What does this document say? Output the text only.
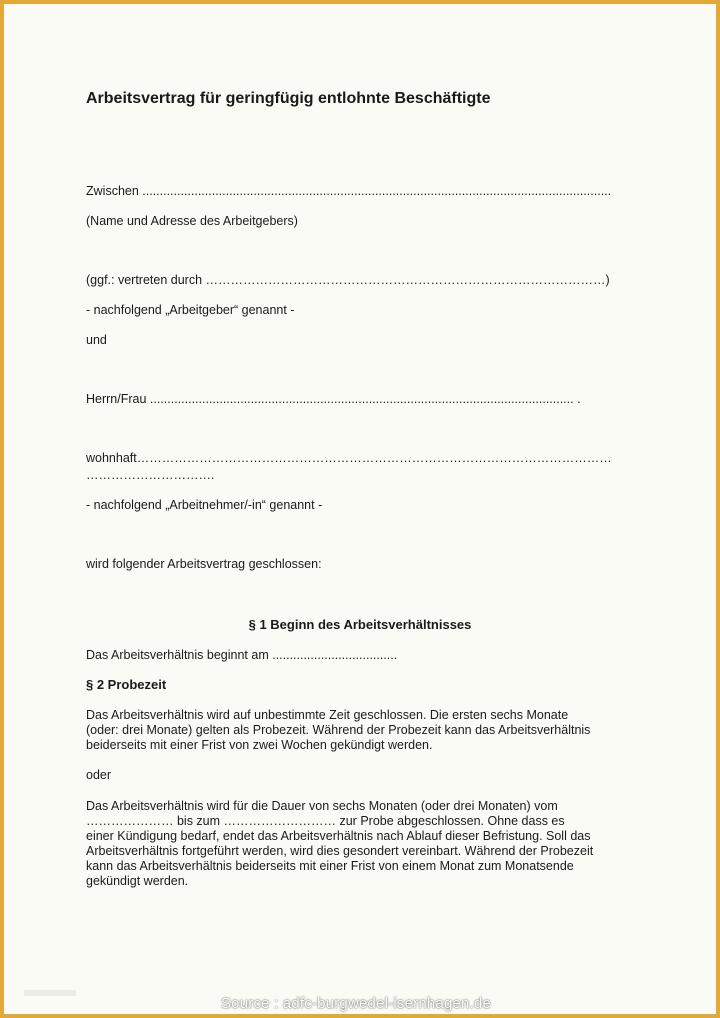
Arbeitsvertrag für geringfügig entlohnte Beschäftigte
Zwischen .......................................................................................................................................
(Name und Adresse des Arbeitgebers)
(ggf.: vertreten durch ……………………………………………………………………………………)
- nachfolgend „Arbeitgeber“ genannt -
und
Herrn/Frau .......................................................................................................................... .
wohnhaft……………………………………………………………………………………………………
………………………….
- nachfolgend „Arbeitnehmer/-in“ genannt -
wird folgender Arbeitsvertrag geschlossen:
§ 1 Beginn des Arbeitsverhältnisses
Das Arbeitsverhältnis beginnt am ....................................
§ 2 Probezeit
Das Arbeitsverhältnis wird auf unbestimmte Zeit geschlossen. Die ersten sechs Monate
(oder: drei Monate) gelten als Probezeit. Während der Probezeit kann das Arbeitsverhältnis
beiderseits mit einer Frist von zwei Wochen gekündigt werden.
oder
Das Arbeitsverhältnis wird für die Dauer von sechs Monaten (oder drei Monaten) vom
………………… bis zum ……………………… zur Probe abgeschlossen. Ohne dass es
einer Kündigung bedarf, endet das Arbeitsverhältnis nach Ablauf dieser Befristung. Soll das
Arbeitsverhältnis fortgeführt werden, wird dies gesondert vereinbart. Während der Probezeit
kann das Arbeitsverhältnis beiderseits mit einer Frist von einem Monat zum Monatsende
gekündigt werden.
Source : adfc-burgwedel-isernhagen.de
